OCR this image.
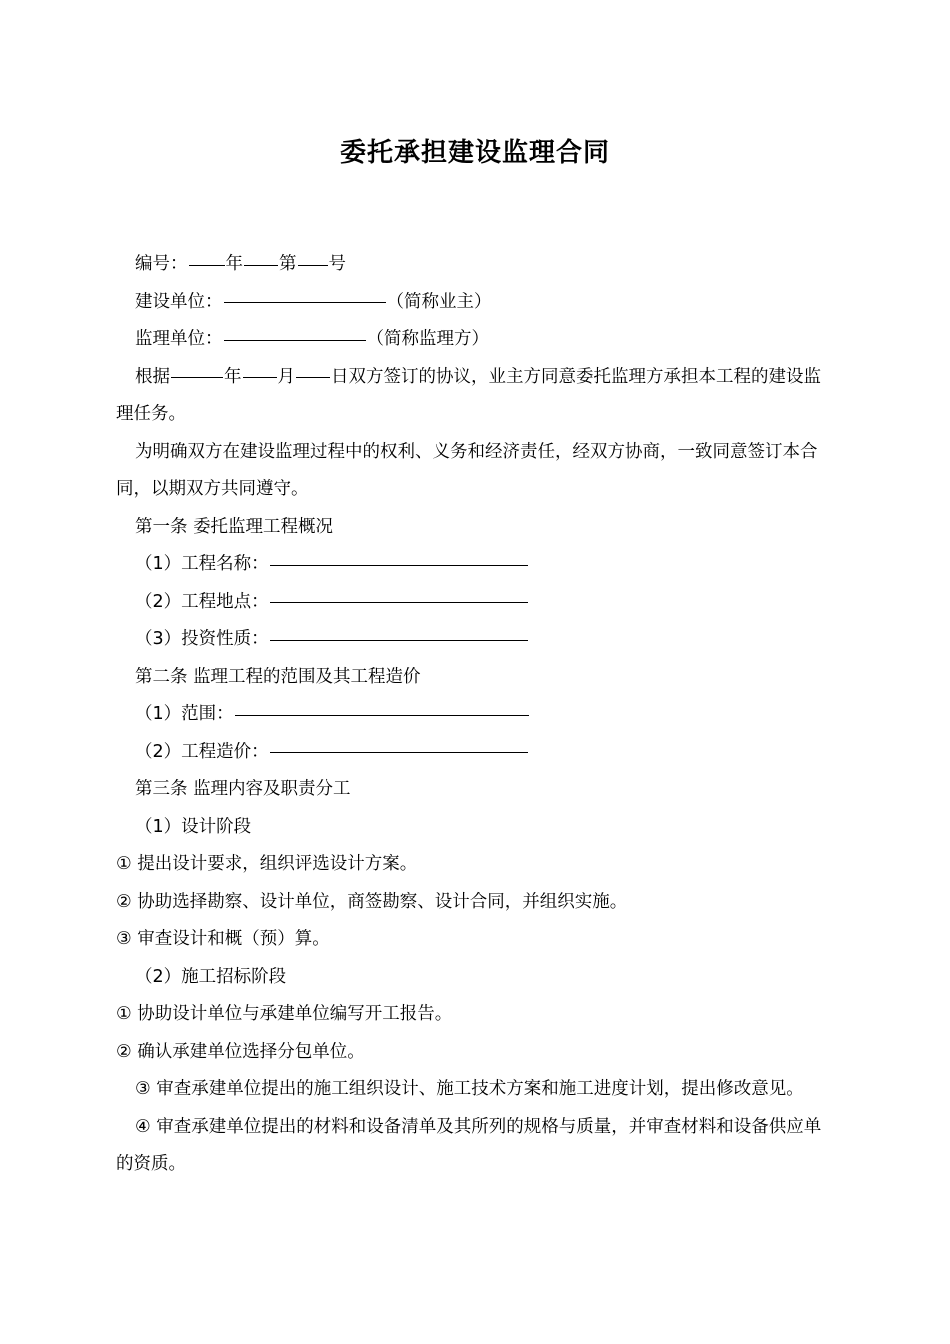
委托承担建设监理合同
编号： 年 第 号
建设单位：	（简称业主）
监理单位：	（简称监理方）
根据	年 月 日双方签订的协议，业主方同意委托监理方承担本工程的建设监理任务。
为明确双方在建设监理过程中的权利、义务和经济责任，经双方协商，一致同意签订本合同，以期双方共同遵守。
第一条 委托监理工程概况
（1）工程名称：
（2）工程地点：
（3）投资性质：
第二条 监理工程的范围及其工程造价
（1）范围：
（2）工程造价：
第三条 监理内容及职责分工
（1）设计阶段
① 提出设计要求，组织评选设计方案。
② 协助选择勘察、设计单位，商签勘察、设计合同，并组织实施。
③ 审查设计和概（预）算。
（2）施工招标阶段
① 协助设计单位与承建单位编写开工报告。
② 确认承建单位选择分包单位。
③ 审查承建单位提出的施工组织设计、施工技术方案和施工进度计划，提出修改意见。
④ 审查承建单位提出的材料和设备清单及其所列的规格与质量，并审查材料和设备供应单的资质。
